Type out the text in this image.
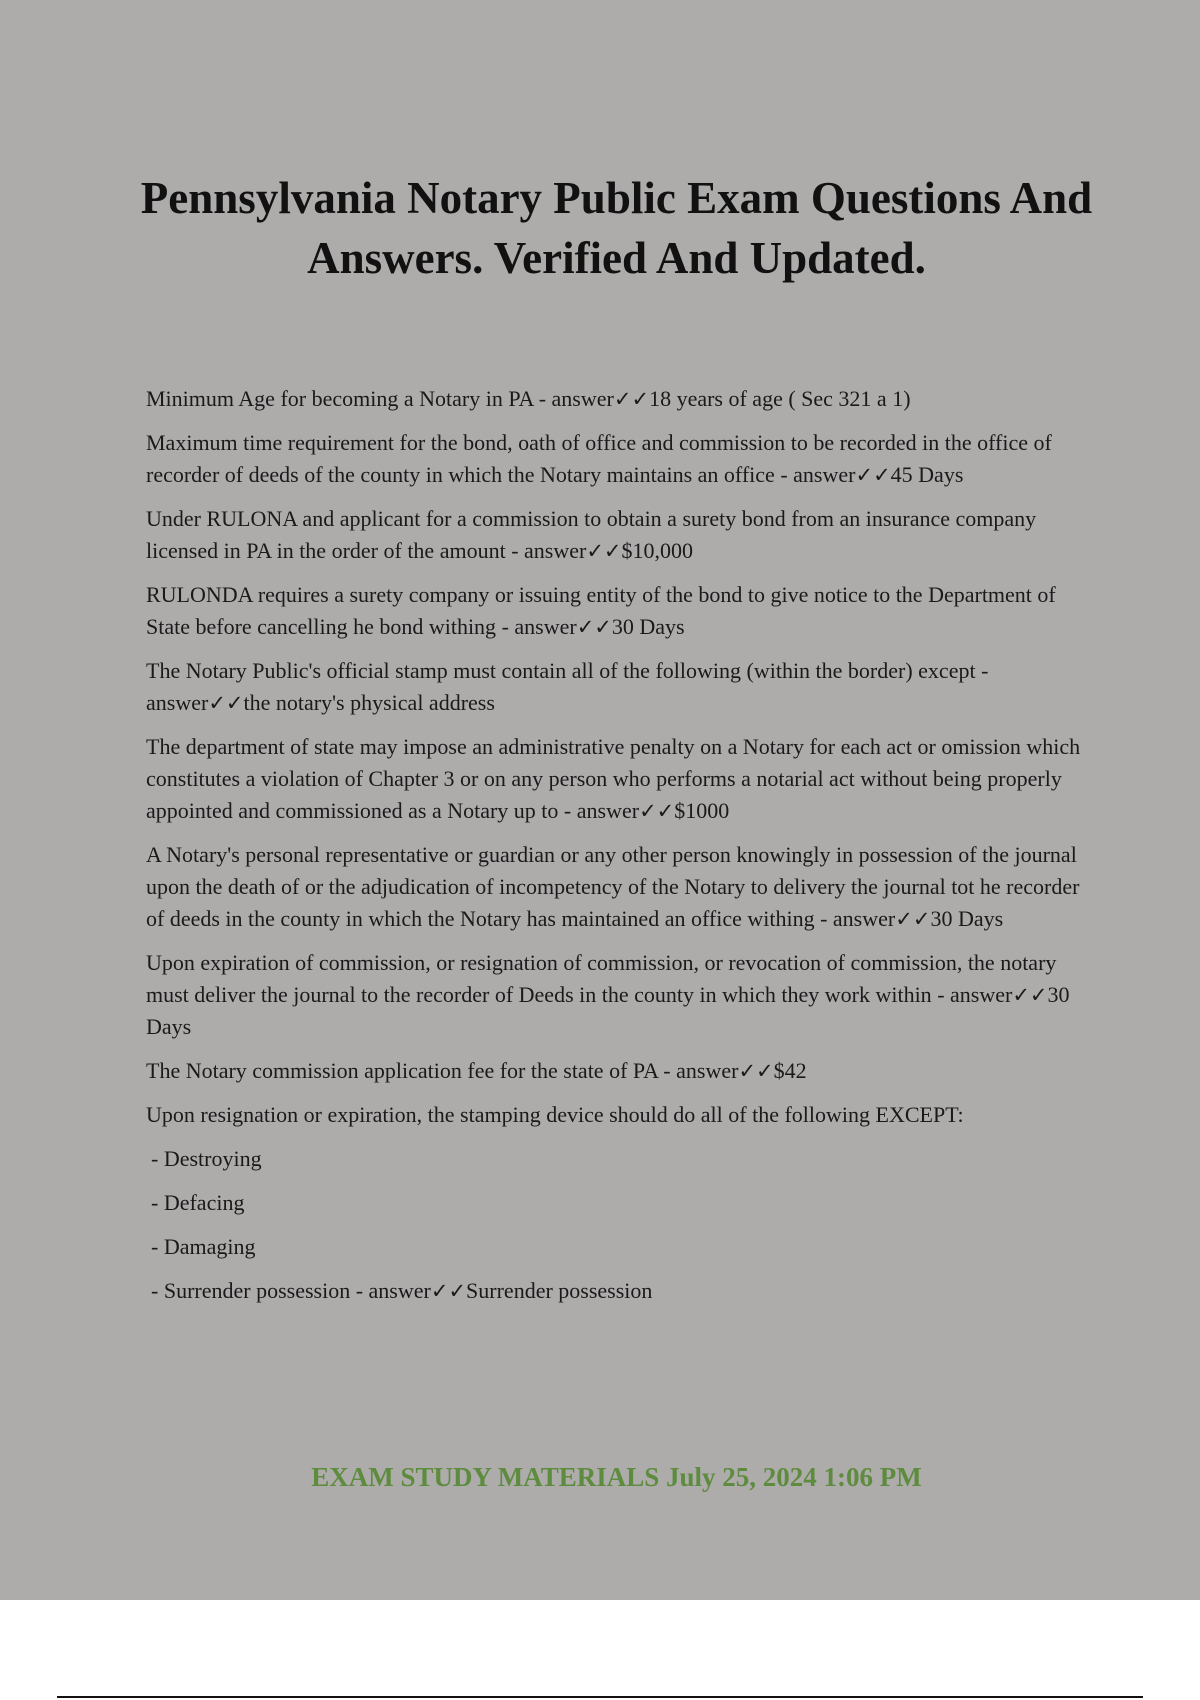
Pennsylvania Notary Public Exam Questions And Answers. Verified And Updated.

Minimum Age for becoming a Notary in PA - answer✓✓18 years of age ( Sec 321 a 1)

Maximum time requirement for the bond, oath of office and commission to be recorded in the office of recorder of deeds of the county in which the Notary maintains an office - answer✓✓45 Days

Under RULONA and applicant for a commission to obtain a surety bond from an insurance company licensed in PA in the order of the amount - answer✓✓$10,000

RULONDA requires a surety company or issuing entity of the bond to give notice to the Department of State before cancelling he bond withing - answer✓✓30 Days

The Notary Public's official stamp must contain all of the following (within the border) except - answer✓✓the notary's physical address

The department of state may impose an administrative penalty on a Notary for each act or omission which constitutes a violation of Chapter 3 or on any person who performs a notarial act without being properly appointed and commissioned as a Notary up to - answer✓✓$1000

A Notary's personal representative or guardian or any other person knowingly in possession of the journal upon the death of or the adjudication of incompetency of the Notary to delivery the journal tot he recorder of deeds in the county in which the Notary has maintained an office withing - answer✓✓30 Days

Upon expiration of commission, or resignation of commission, or revocation of commission, the notary must deliver the journal to the recorder of Deeds in the county in which they work within - answer✓✓30 Days

The Notary commission application fee for the state of PA - answer✓✓$42

Upon resignation or expiration, the stamping device should do all of the following EXCEPT:

- Destroying

- Defacing

- Damaging

- Surrender possession - answer✓✓Surrender possession

EXAM STUDY MATERIALS July 25, 2024 1:06 PM
